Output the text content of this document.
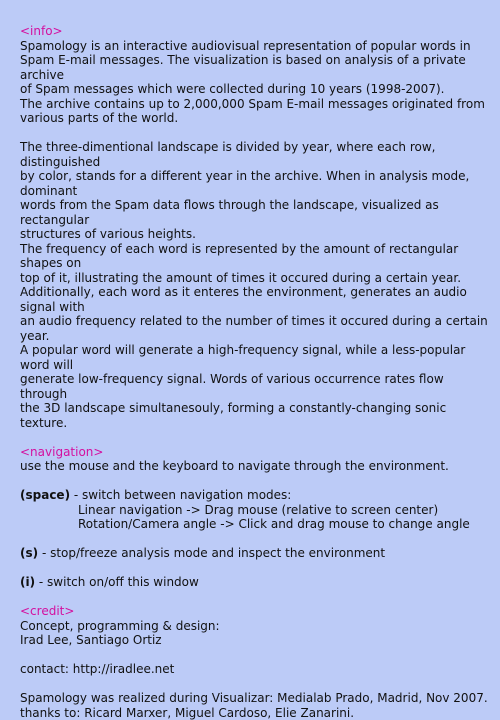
<info>
Spamology is an interactive audiovisual representation of popular words in
Spam E-mail messages. The visualization is based on analysis of a private archive
of Spam messages which were collected during 10 years (1998-2007).
The archive contains up to 2,000,000 Spam E-mail messages originated from
various parts of the world.
The three-dimentional landscape is divided by year, where each row, distinguished
by color, stands for a different year in the archive. When in analysis mode, dominant
words from the Spam data flows through the landscape, visualized as rectangular
structures of various heights.
The frequency of each word is represented by the amount of rectangular shapes on
top of it, illustrating the amount of times it occured during a certain year.
Additionally, each word as it enteres the environment, generates an audio signal with
an audio frequency related to the number of times it occured during a certain year.
A popular word will generate a high-frequency signal, while a less-popular word will
generate low-frequency signal. Words of various occurrence rates flow through
the 3D landscape simultanesouly, forming a constantly-changing sonic texture.
<navigation>
use the mouse and the keyboard to navigate through the environment.
(space) - switch between navigation modes:
Linear navigation -> Drag mouse (relative to screen center)
Rotation/Camera angle -> Click and drag mouse to change angle
(s) - stop/freeze analysis mode and inspect the environment
(i) - switch on/off this window
<credit>
Concept, programming & design:
Irad Lee, Santiago Ortiz
contact: http://iradlee.net
Spamology was realized during Visualizar: Medialab Prado, Madrid, Nov 2007.
thanks to: Ricard Marxer, Miguel Cardoso, Elie Zanarini.
